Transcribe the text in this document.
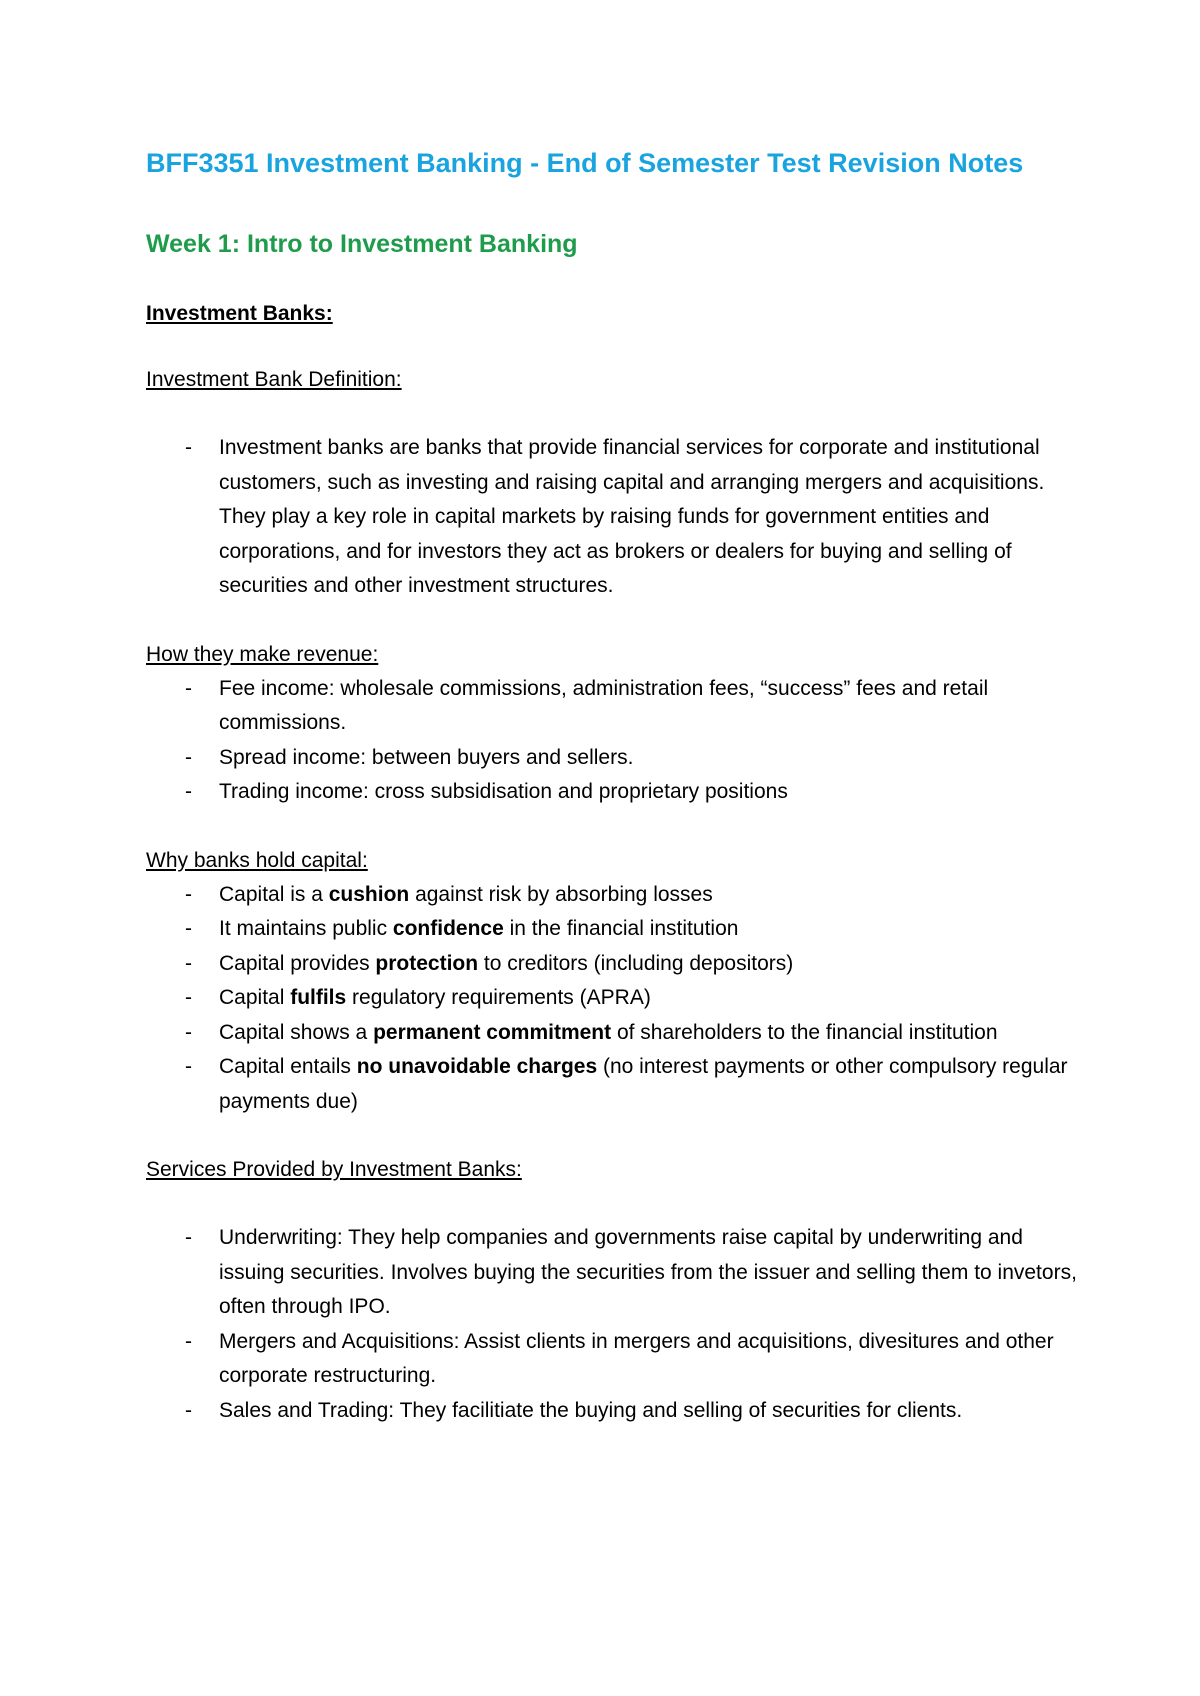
BFF3351 Investment Banking - End of Semester Test Revision Notes
Week 1: Intro to Investment Banking
Investment Banks:
Investment Bank Definition:
- Investment banks are banks that provide financial services for corporate and institutional customers, such as investing and raising capital and arranging mergers and acquisitions. They play a key role in capital markets by raising funds for government entities and corporations, and for investors they act as brokers or dealers for buying and selling of securities and other investment structures.
How they make revenue:
- Fee income: wholesale commissions, administration fees, “success” fees and retail commissions.
- Spread income: between buyers and sellers.
- Trading income: cross subsidisation and proprietary positions
Why banks hold capital:
- Capital is a cushion against risk by absorbing losses
- It maintains public confidence in the financial institution
- Capital provides protection to creditors (including depositors)
- Capital fulfils regulatory requirements (APRA)
- Capital shows a permanent commitment of shareholders to the financial institution
- Capital entails no unavoidable charges (no interest payments or other compulsory regular payments due)
Services Provided by Investment Banks:
- Underwriting: They help companies and governments raise capital by underwriting and issuing securities. Involves buying the securities from the issuer and selling them to invetors, often through IPO.
- Mergers and Acquisitions: Assist clients in mergers and acquisitions, divesitures and other corporate restructuring.
- Sales and Trading: They facilitiate the buying and selling of securities for clients.
